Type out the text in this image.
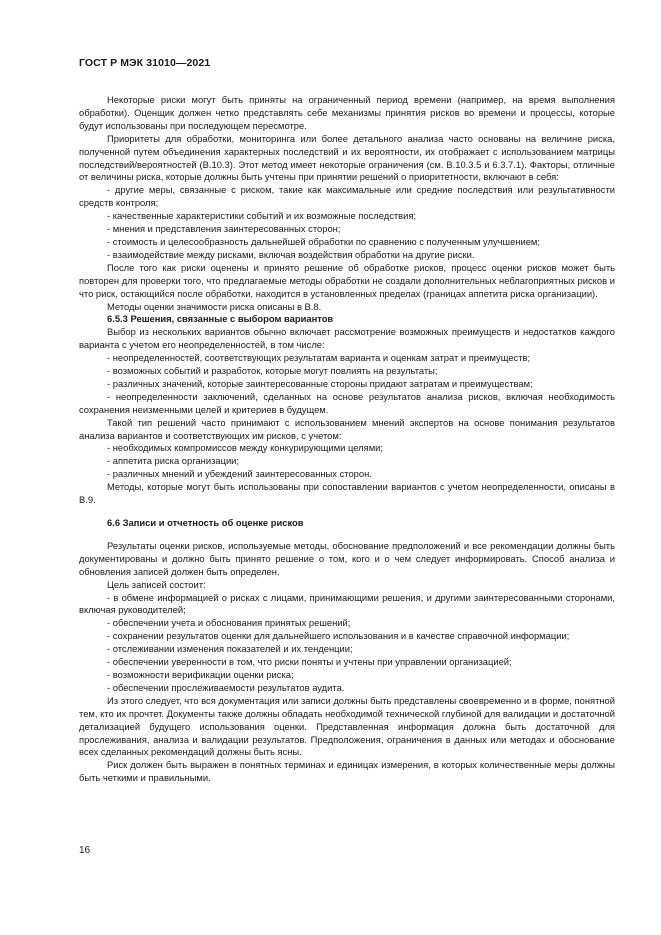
ГОСТ Р МЭК 31010—2021

Некоторые риски могут быть приняты на ограниченный период времени (например, на время выполнения обработки). Оценщик должен четко представлять себе механизмы принятия рисков во времени и процессы, которые будут использованы при последующем пересмотре.

Приоритеты для обработки, мониторинга или более детального анализа часто основаны на величине риска, полученной путем объединения характерных последствий и их вероятности, их отображает с использованием матрицы последствий/вероятностей (В.10.3). Этот метод имеет некоторые ограничения (см. В.10.3.5 и 6.3.7.1). Факторы, отличные от величины риска, которые должны быть учтены при принятии решений о приоритетности, включают в себя:

- другие меры, связанные с риском, такие как максимальные или средние последствия или результативности средств контроля;

- качественные характеристики событий и их возможные последствия;

- мнения и представления заинтересованных сторон;

- стоимость и целесообразность дальнейшей обработки по сравнению с полученным улучшением;

- взаимодействие между рисками, включая воздействия обработки на другие риски.

После того как риски оценены и принято решение об обработке рисков, процесс оценки рисков может быть повторен для проверки того, что предлагаемые методы обработки не создали дополнительных неблагоприятных рисков и что риск, остающийся после обработки, находится в установленных пределах (границах аппетита риска организации).

Методы оценки значимости риска описаны в В.8.

6.5.3 Решения, связанные с выбором вариантов

Выбор из нескольких вариантов обычно включает рассмотрение возможных преимуществ и недостатков каждого варианта с учетом его неопределенностей, в том числе:

- неопределенностей, соответствующих результатам варианта и оценкам затрат и преимуществ;

- возможных событий и разработок, которые могут повлиять на результаты;

- различных значений, которые заинтересованные стороны придают затратам и преимуществам;

- неопределенности заключений, сделанных на основе результатов анализа рисков, включая необходимость сохранения неизменными целей и критериев в будущем.

Такой тип решений часто принимают с использованием мнений экспертов на основе понимания результатов анализа вариантов и соответствующих им рисков, с учетом:

- необходимых компромиссов между конкурирующими целями;

- аппетита риска организации;

- различных мнений и убеждений заинтересованных сторон.

Методы, которые могут быть использованы при сопоставлении вариантов с учетом неопределенности, описаны в В.9.

6.6 Записи и отчетность об оценке рисков

Результаты оценки рисков, используемые методы, обоснование предположений и все рекомендации должны быть документированы и должно быть принято решение о том, кого и о чем следует информировать. Способ анализа и обновления записей должен быть определен.

Цель записей состоит:

- в обмене информацией о рисках с лицами, принимающими решения, и другими заинтересованными сторонами, включая руководителей;

- обеспечении учета и обоснования принятых решений;

- сохранении результатов оценки для дальнейшего использования и в качестве справочной информации;

- отслеживании изменения показателей и их тенденции;

- обеспечении уверенности в том, что риски поняты и учтены при управлении организацией;

- возможности верификации оценки риска;

- обеспечении прослеживаемости результатов аудита.

Из этого следует, что вся документация или записи должны быть представлены своевременно и в форме, понятной тем, кто их прочтет. Документы также должны обладать необходимой технической глубиной для валидации и достаточной детализацией будущего использования оценки. Представленная информация должна быть достаточной для прослеживания, анализа и валидации результатов. Предположения, ограничения в данных или методах и обоснование всех сделанных рекомендаций должны быть ясны.

Риск должен быть выражен в понятных терминах и единицах измерения, в которых количественные меры должны быть четкими и правильными.

16
